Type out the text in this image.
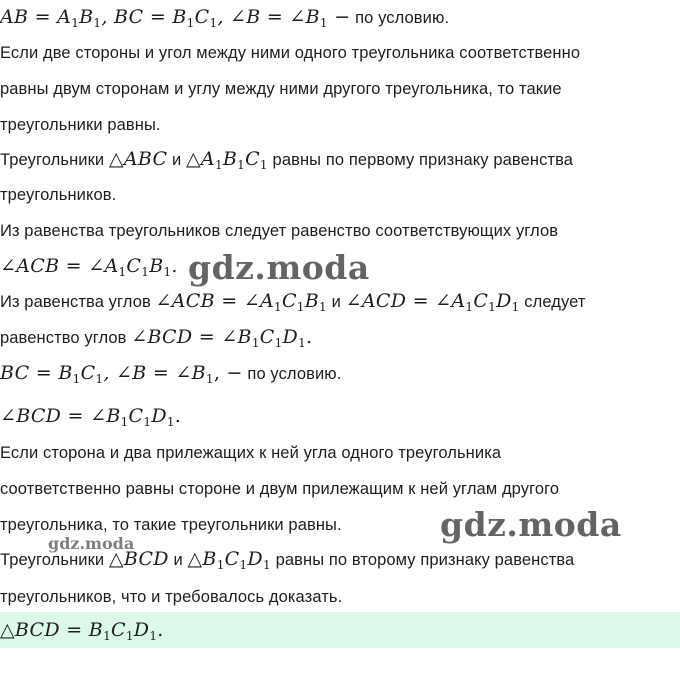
AB = $A_1B_1$, BC = $B_1C_1$, ∠B = $\angle B_1$ − по условию.
Если две стороны и угол между ними одного треугольника соответственно
равны двум сторонам и углу между ними другого треугольника, то такие
треугольники равны.
Треугольники △ABC и $\triangle A_1B_1C_1$ равны по первому признаку равенства
треугольников.
Из равенства треугольников следует равенство соответствующих углов
∠ACB = $\angle A_1C_1B_1$.
Из равенства углов ∠ACB = $\angle A_1C_1B_1$ и ∠ACD = $\angle A_1C_1D_1$ следует
равенство углов ∠BCD = $\angle B_1C_1D_1$.
BC = $B_1C_1$, ∠B = $\angle B_1$, − по условию.
∠BCD = $\angle B_1C_1D_1$.
Если сторона и два прилежащих к ней угла одного треугольника
соответственно равны стороне и двум прилежащим к ней углам другого
треугольника, то такие треугольники равны.
Треугольники △BCD и $\triangle B_1C_1D_1$ равны по второму признаку равенства
треугольников, что и требовалось доказать.
△BCD = $B_1C_1D_1$.
gdz.moda
gdz.moda
gdz.moda
